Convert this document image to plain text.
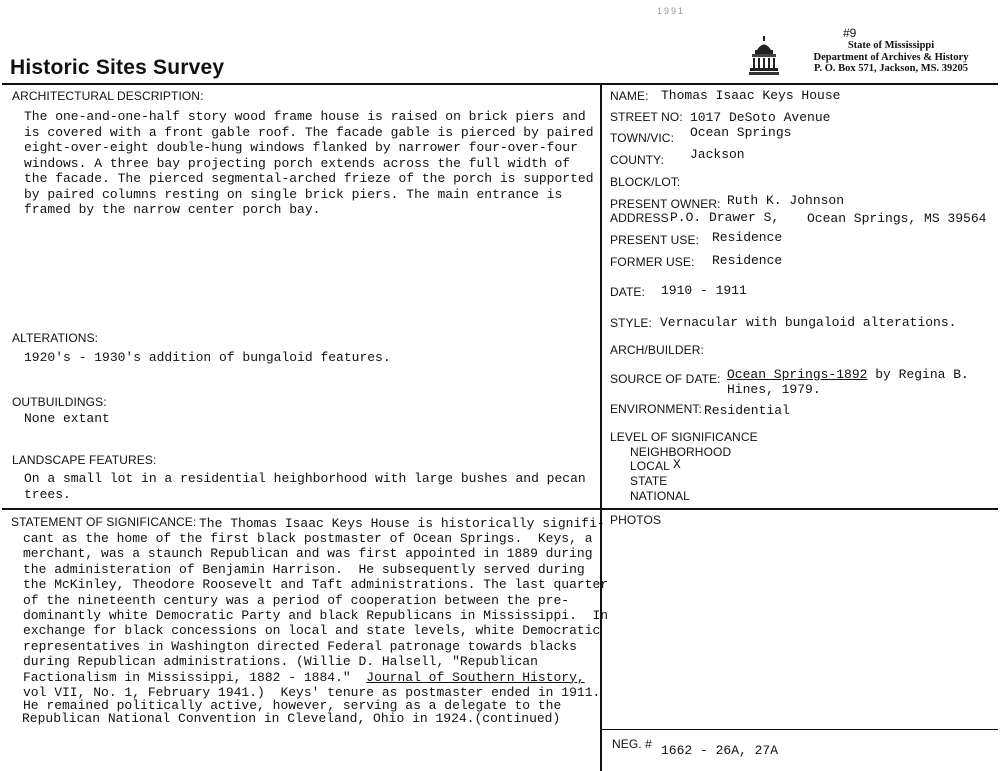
1991
#9
State of Mississippi
Department of Archives & History
P. O. Box 571, Jackson, MS. 39205
Historic Sites Survey
ARCHITECTURAL DESCRIPTION:
The one-and-one-half story wood frame house is raised on brick piers and
is covered with a front gable roof. The facade gable is pierced by paired
eight-over-eight double-hung windows flanked by narrower four-over-four
windows. A three bay projecting porch extends across the full width of
the facade. The pierced segmental-arched frieze of the porch is supported
by paired columns resting on single brick piers. The main entrance is
framed by the narrow center porch bay.
ALTERATIONS:
1920's - 1930's addition of bungaloid features.
OUTBUILDINGS:
None extant
LANDSCAPE FEATURES:
On a small lot in a residential heighborhood with large bushes and pecan
trees.
NAME: Thomas Isaac Keys House
STREET NO: 1017 DeSoto Avenue
TOWN/VIC: Ocean Springs
COUNTY: Jackson
BLOCK/LOT:
PRESENT OWNER: Ruth K. Johnson
ADDRESS P.O. Drawer S, Ocean Springs, MS 39564
PRESENT USE: Residence
FORMER USE: Residence
DATE: 1910 - 1911
STYLE: Vernacular with bungaloid alterations.
ARCH/BUILDER:
SOURCE OF DATE: Ocean Springs-1892 by Regina B.
Hines, 1979.
ENVIRONMENT: Residential
LEVEL OF SIGNIFICANCE
NEIGHBORHOOD
LOCAL X
STATE
NATIONAL
PHOTOS
NEG. # 1662 - 26A, 27A
STATEMENT OF SIGNIFICANCE: The Thomas Isaac Keys House is historically signifi-
cant as the home of the first black postmaster of Ocean Springs.  Keys, a
merchant, was a staunch Republican and was first appointed in 1889 during
the administeration of Benjamin Harrison.  He subsequently served during
the McKinley, Theodore Roosevelt and Taft administrations. The last quarter
of the nineteenth century was a period of cooperation between the pre-
dominantly white Democratic Party and black Republicans in Mississippi.  In
exchange for black concessions on local and state levels, white Democratic
representatives in Washington directed Federal patronage towards blacks
during Republican administrations. (Willie D. Halsell, "Republican
Factionalism in Mississippi, 1882 - 1884."  Journal of Southern History,
vol VII, No. 1, February 1941.)  Keys' tenure as postmaster ended in 1911.
He remained politically active, however, serving as a delegate to the
Republican National Convention in Cleveland, Ohio in 1924.(continued)
